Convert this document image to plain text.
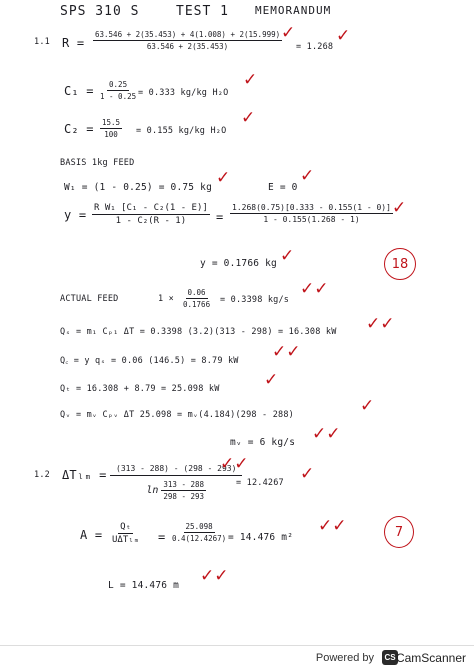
SPS 310 S	TEST 1 MEMORANDUM
1.1 $R = \frac{63.546 + 2(35.453) + 4(1.008) + 2(15.999)}{63.546 + 2(35.453)} = 1.268$
✓ ✓
$C_1 = \frac{0.25}{1 - 0.25} = 0.333$ kg/kg H₂O
✓
$C_2 = \frac{15.5}{100} = 0.155$ kg/kg H₂O
✓
BASIS 1kg FEED
W₁ = (1 - 0.25) = 0.75 kg ✓	E = 0
✓
$y = \frac{\text{R W₁ [C₁ - C₂(1 - E)]}}{\text{1 - C₂(R - 1)}} = \frac{1.268(0.75)[0.333 - 0.155(1 - 0)]}{1 - 0.155(1.268 - 1)}$ ✓
y = 0.1766 kg ✓	18
ACTUAL FEED	$1 \times \frac{0.06}{0.1766} = 0.3398$ kg/s
✓✓
Qₛ = m₁ Cₚ₁ ΔT = 0.3398 (3.2)(313 - 298) = 16.308 kW ✓✓
Q꜀ = y qₛ = 0.06 (146.5) = 8.79 kW ✓✓
Qₜ = 16.308 + 8.79 = 25.098 kW	✓
Qᵥ = mᵥ Cₚᵥ ΔT 25.098 = mᵥ(4.184)(298 - 288)	✓
mᵥ = 6 kg/s ✓✓
1.2 $\Delta T_{lm} = \frac{(313 - 288) - (298 - 293)}{\ln \frac{313 - 288}{298 - 293}}$
= 12.4267
✓✓	✓
A =
Qₜ
$U\Delta T_{lm} = \frac{25.098}{0.4(12.4267)} = 14.476$ m²
✓✓	7
L = 14.476 m ✓✓
Powered by	CS CamScanner
